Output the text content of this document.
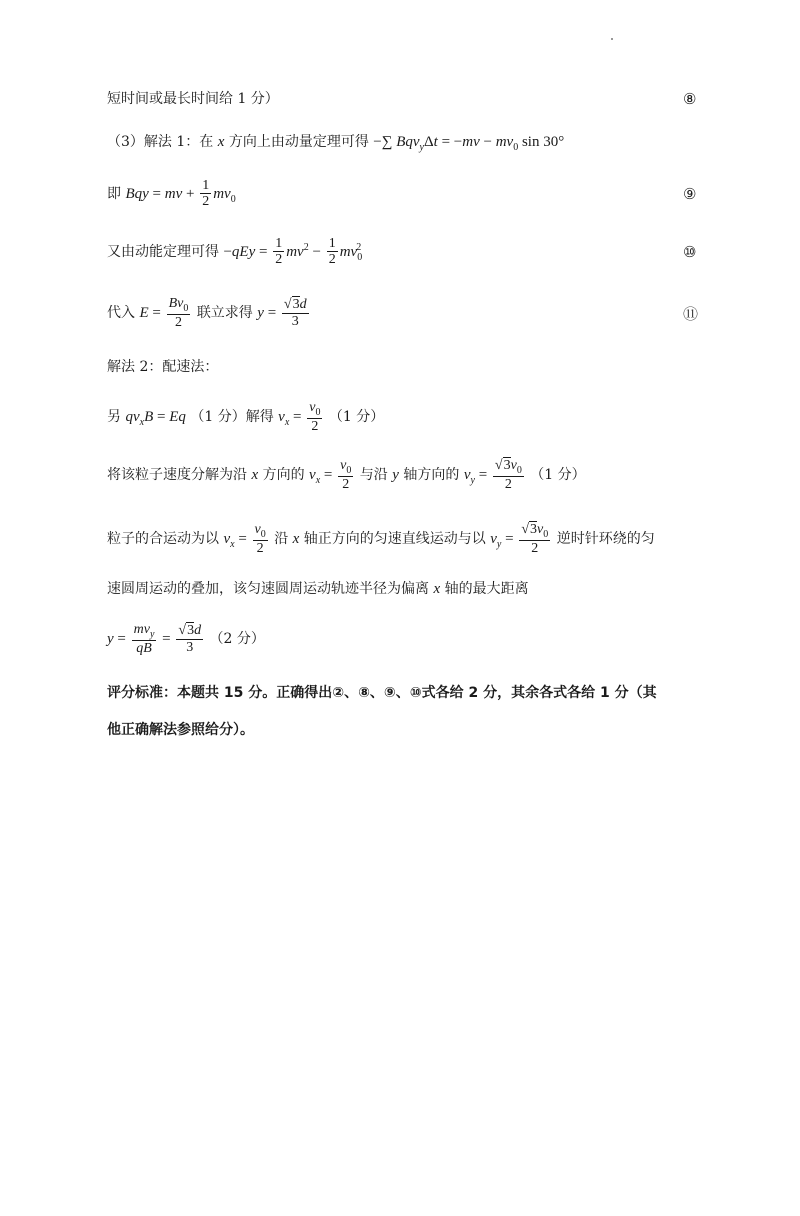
短时间或最长时间给 1 分）	⑧
（3）解法 1：在 x 方向上由动量定理可得 −∑ $Bqv_y\Delta t = -mv - mv_0$ sin 30°
即 Bqy = mv + $\frac{1}{2} mv_0$	⑨
又由动能定理可得 $-qEy = \frac{1}{2} mv^2 - \frac{1}{2} mv_0^2$	⑩
代入 $E = \frac{Bv_0}{2}$ 联立求得 $y = \frac{√3d}{3}$	⑪
解法 2：配速法：
另 $qv_xB = Eq$ （1 分）解得 $v_x = \frac{v_0}{2} (1$ 分）
将该粒子速度分解为沿 x 方向的 $v_x = \frac{v_0}{2}$ 与沿 y 轴方向的 $v_y = \frac{√3v_0}{2} (1$ 分）
粒子的合运动为以 $v_x = \frac{v_0}{2}$ 沿 x 轴正方向的匀速直线运动与以 $v_y = \frac{√3v_0}{2}$ 逆时针环绕的匀
速圆周运动的叠加，该匀速圆周运动轨迹半径为偏离 x 轴的最大距离
$y = \frac{mv_y}{qB} = \frac{√3d}{3} (2$ 分）
评分标准：本题共 15 分。正确得出②、⑧、⑨、⑩式各给 2 分，其余各式各给 1 分（其
他正确解法参照给分）。
